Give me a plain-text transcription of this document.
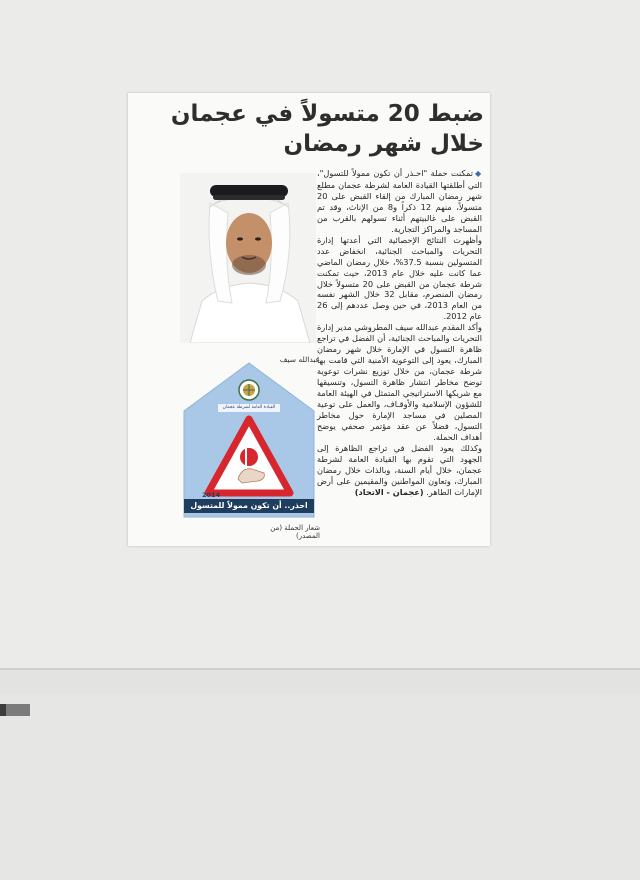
ضبط 20 متسولاً في عجمان
خلال شهر رمضان

◆تمكنت حملة "احـذر أن تكون ممولاً للتسول"، التي أطلقتها القيادة العامة لشرطة عجمان مطلع شهر رمضان المبارك من إلقاء القبض على 20 متسولاً، منهم 12 ذكراً و8 من الإناث، وقد تم القبض على غالبيتهم أثناء تسولهم بالقرب من المساجد والمراكز التجارية.

وأظهرت النتائج الإحصائية التي أعدتها إدارة التحريات والمباحث الجنائية، انخفاض عدد المتسولين بنسبة 37.5%، خلال رمضان الماضي عما كانت عليه خلال عام 2013، حيث تمكنت شرطة عجمان من القبض على 20 متسولاً خلال رمضان المنصرم، مقابل 32 خلال الشهر نفسه من العام 2013، في حين وصل عددهم إلى 26 عام 2012.

وأكد المقدم عبدالله سيف المطروشي مدير إدارة التحريات والمباحث الجنائية، أن الفضل في تراجع ظاهرة التسول في الإمارة خلال شهر رمضان المبارك، يعود إلى التوعوية الأمنية التي قامت بها شرطة عجمان، من خلال توزيع نشرات توعوية توضح مخاطر انتشار ظاهرة التسول، وتنسيقها مع شريكها الاستراتيجي المتمثل في الهيئة العامة للشؤون الإسلامية والأوقـاف، والعمل على توعية المصلين في مساجد الإمارة حول مخاطر التسول، فضلاً عن عقد مؤتمر صحفي يوضح أهداف الحملة.

وكذلك يعود الفضل في تراجع الظاهرة إلى الجهود التي تقوم بها القيادة العامة لشرطة عجمان، خلال أيام السنة، وبالذات خلال رمضان المبارك، وتعاون المواطنين والمقيمين على أرض الإمارات الطاهر. (عجمان - الاتحاد)

عبدالله سيف
القيادة العامة لشرطة عجمان
2014
احذر.. أن تكون ممولاً للمتسول
شعار الحملة (من المصدر)
